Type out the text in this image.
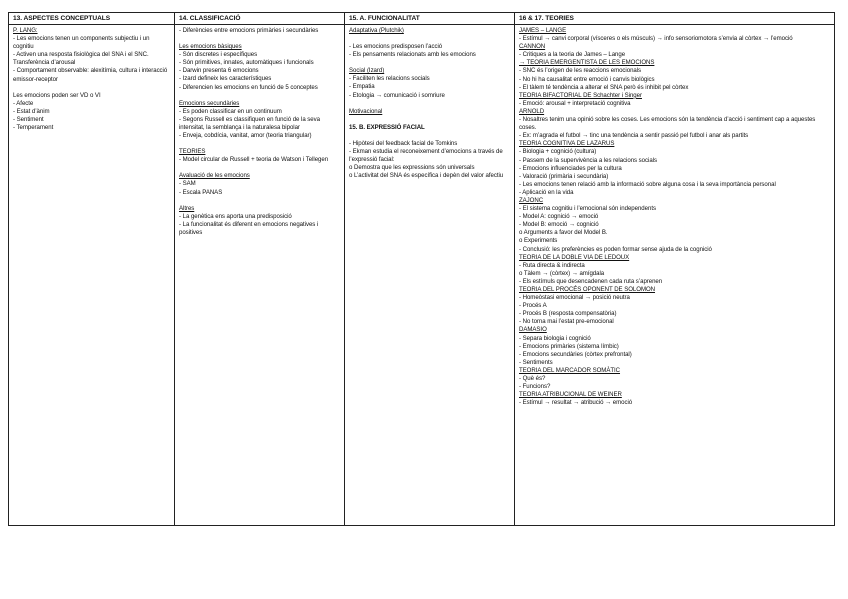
13. ASPECTES CONCEPTUALS
P. LANG:
- Les emocions tenen un components subjectiu i un cognitiu
- Activen una resposta fisiològica del SNA i el SNC. Transferència d’arousal
- Comportament observable: alexitímia, cultura i interacció emissor-receptor
Les emocions poden ser VD o VI
- Afecte
- Estat d’ànim
- Sentiment
- Temperament
14. CLASSIFICACIÓ
- Diferències entre emocions primàries i secundàries
Les emocions bàsiques
- Són discretes i específiques
- Són primitives, innates, automàtiques i funcionals
- Darwin presenta 6 emocions
- Izard defineix les característiques
- Diferencien les emocions en funció de 5 conceptes
Emocions secundàries
- Es poden classificar en un continuum
- Segons Russell es classifiquen en funció de la seva intensitat, la semblança i la naturalesa bipolar
- Enveja, cobdícia, vanitat, amor (teoria triangular)
TEORIES
- Model circular de Russell + teoria de Watson i Tellegen
Avaluació de les emocions
- SAM
- Escala PANAS
Altres
- La genètica ens aporta una predisposició
- La funcionalitat és diferent en emocions negatives i positives
15. A. FUNCIONALITAT
Adaptativa (Plutchik)
- Les emocions predisposen l’acció
- Els pensaments relacionats amb les emocions
Social (Izard)
- Faciliten les relacions socials
- Empatia
- Etologia → comunicació i somriure
Motivacional
15. B. EXPRESSIÓ FACIAL
- Hipòtesi del feedback facial de Tomkins
- Ekman estudia el reconeixement d’emocions a través de l’expressió facial:
o Demostra que les expressions són universals
o L’activitat del SNA és específica i depèn del valor afectiu
16 & 17. TEORIES
JAMES – LANGE
- Estímul → canvi corporal (vísceres o els músculs) → info sensoriomotora s’envia al còrtex → l’emoció
CANNON
- Critiques a la teoria de James – Lange
→ TEORIA EMERGENTISTA DE LES EMOCIONS
- SNC és l’origen de les reaccions emocionals
- No hi ha causalitat entre emoció i canvis biològics
- El tàlem té tendència a alterar el SNA però és inhibit pel còrtex
TEORIA BIFACTORIAL DE Schachter i Singer
- Emoció: arousal + interpretació cognitiva
ARNOLD
- Nosaltres tenim una opinió sobre les coses. Les emocions són la tendència d’acció i sentiment cap a aquestes coses.
- Ex: m’agrada el futbol → tinc una tendència a sentir passió pel futbol i anar als partits
TEORIA COGNITIVA DE LAZARUS
- Biologia + cognició (cultura)
- Passem de la supervivència a les relacions socials
- Emocions influenciades per la cultura
- Valoració (primària i secundària)
- Les emocions tenen relació amb la informació sobre alguna cosa i la seva importància personal
- Aplicació en la vida
ZAJONC
- El sistema cognitiu i l’emocional són independents
- Model A: cognició → emoció
- Model B: emoció → cognició
o Arguments a favor del Model B.
o Experiments
- Conclusió: les preferències es poden formar sense ajuda de la cognició
TEORIA DE LA DOBLE VIA DE LEDOUX
- Ruta directa & indirecta
o Tàlem → (còrtex) → amígdala
- Els estímuls que desencadenen cada ruta s’aprenen
TEORIA DEL PROCÉS OPONENT DE SOLOMON
- Homeòstasi emocional → posició neutra
- Procés A
- Procés B (resposta compensatòria)
- No torna mai l’estat pre-emocional
DAMASIO
- Separa biologia i cognició
- Emocions primàries (sistema límbic)
- Emocions secundàries (còrtex prefrontal)
- Sentiments
TEORIA DEL MARCADOR SOMÀTIC
- Què és?
- Funcions?
TEORIA ATRIBUCIONAL DE WEINER
- Estímul → resultat → atribució → emoció
